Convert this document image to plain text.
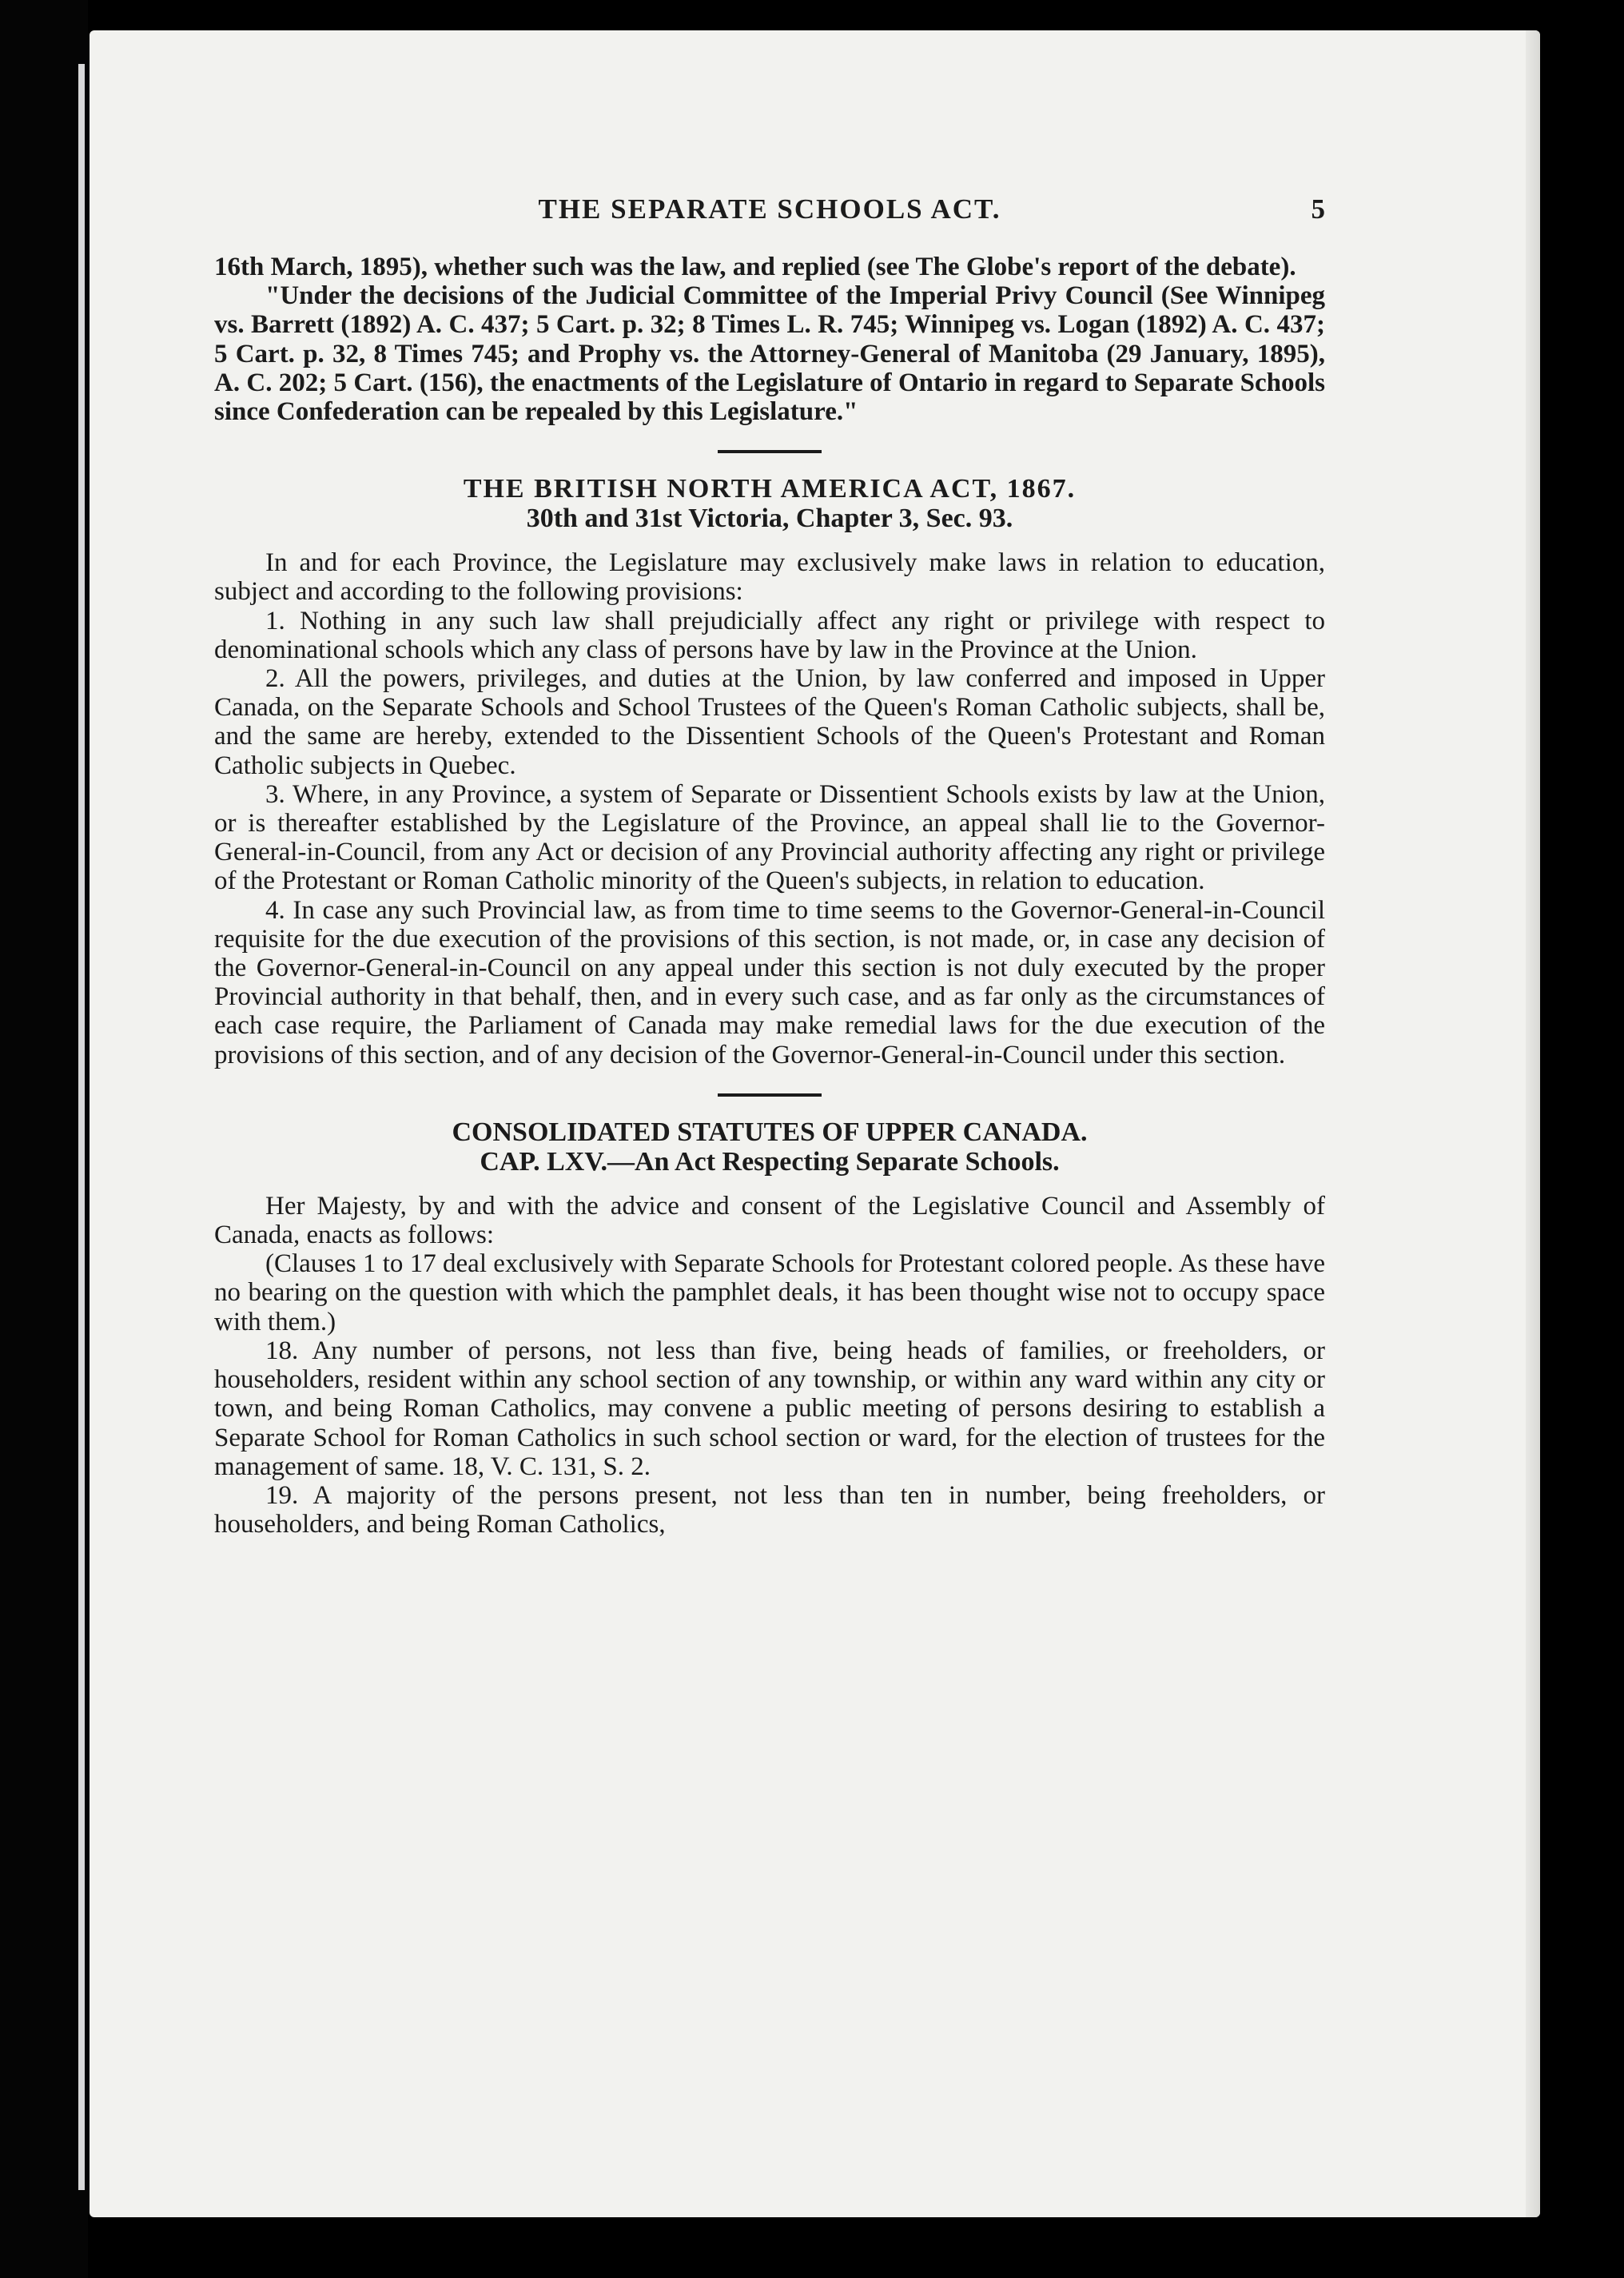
THE SEPARATE SCHOOLS ACT.	5

16th March, 1895), whether such was the law, and replied (see The Globe's report of the debate).

"Under the decisions of the Judicial Committee of the Imperial Privy Council (See Winnipeg vs. Barrett (1892) A. C. 437; 5 Cart. p. 32; 8 Times L. R. 745; Winnipeg vs. Logan (1892) A. C. 437; 5 Cart. p. 32, 8 Times 745; and Prophy vs. the Attorney-General of Manitoba (29 January, 1895), A. C. 202; 5 Cart. (156), the enactments of the Legislature of Ontario in regard to Separate Schools since Confederation can be repealed by this Legislature."

THE BRITISH NORTH AMERICA ACT, 1867.
30th and 31st Victoria, Chapter 3, Sec. 93.

In and for each Province, the Legislature may exclusively make laws in relation to education, subject and according to the following provisions:

1. Nothing in any such law shall prejudicially affect any right or privilege with respect to denominational schools which any class of persons have by law in the Province at the Union.

2. All the powers, privileges, and duties at the Union, by law conferred and imposed in Upper Canada, on the Separate Schools and School Trustees of the Queen's Roman Catholic subjects, shall be, and the same are hereby, extended to the Dissentient Schools of the Queen's Protestant and Roman Catholic subjects in Quebec.

3. Where, in any Province, a system of Separate or Dissentient Schools exists by law at the Union, or is thereafter established by the Legislature of the Province, an appeal shall lie to the Governor-General-in-Council, from any Act or decision of any Provincial authority affecting any right or privilege of the Protestant or Roman Catholic minority of the Queen's subjects, in relation to education.

4. In case any such Provincial law, as from time to time seems to the Governor-General-in-Council requisite for the due execution of the provisions of this section, is not made, or, in case any decision of the Governor-General-in-Council on any appeal under this section is not duly executed by the proper Provincial authority in that behalf, then, and in every such case, and as far only as the circumstances of each case require, the Parliament of Canada may make remedial laws for the due execution of the provisions of this section, and of any decision of the Governor-General-in-Council under this section.

CONSOLIDATED STATUTES OF UPPER CANADA.
CAP. LXV.—An Act Respecting Separate Schools.

Her Majesty, by and with the advice and consent of the Legislative Council and Assembly of Canada, enacts as follows:

(Clauses 1 to 17 deal exclusively with Separate Schools for Protestant colored people. As these have no bearing on the question with which the pamphlet deals, it has been thought wise not to occupy space with them.)

18. Any number of persons, not less than five, being heads of families, or freeholders, or householders, resident within any school section of any township, or within any ward within any city or town, and being Roman Catholics, may convene a public meeting of persons desiring to establish a Separate School for Roman Catholics in such school section or ward, for the election of trustees for the management of same. 18, V. C. 131, S. 2.

19. A majority of the persons present, not less than ten in number, being freeholders, or householders, and being Roman Catholics,
